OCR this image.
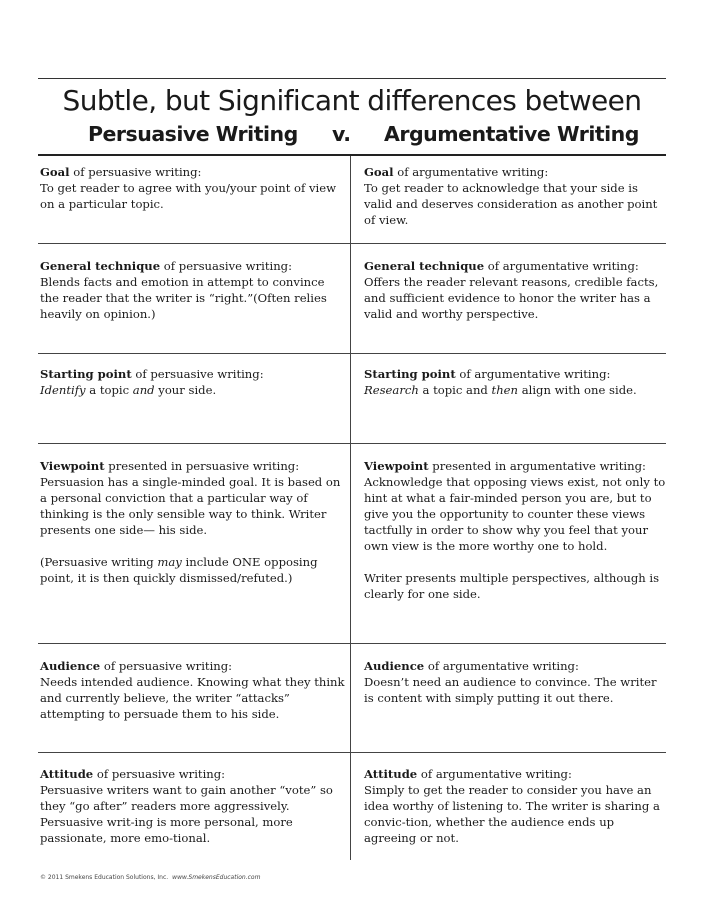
Subtle, but Significant differences between
Persuasive Writing v. Argumentative Writing

Goal of persuasive writing:

To get reader to agree with you/your point of view on a particular topic.

Goal of argumentative writing:

To get reader to acknowledge that your side is valid and deserves consideration as another point of view.

General technique of persuasive writing:

Blends facts and emotion in attempt to convince the reader that the writer is “right.”(Often relies heavily on opinion.)

General technique of argumentative writing:

Offers the reader relevant reasons, credible facts, and sufficient evidence to honor the writer has a valid and worthy perspective.

Starting point of persuasive writing:

Identify a topic and your side.

Starting point of argumentative writing:

Research a topic and then align with one side.

Viewpoint presented in persuasive writing:

Persuasion has a single-minded goal. It is based on a personal conviction that a particular way of thinking is the only sensible way to think. Writer presents one side— his side.

(Persuasive writing may include ONE opposing point, it is then quickly dismissed/refuted.)

Viewpoint presented in argumentative writing:

Acknowledge that opposing views exist, not only to hint at what a fair-minded person you are, but to give you the opportunity to counter these views tactfully in order to show why you feel that your own view is the more worthy one to hold.

Writer presents multiple perspectives, although is clearly for one side.

Audience of persuasive writing:

Needs intended audience. Knowing what they think and currently believe, the writer “attacks” attempting to persuade them to his side.

Audience of argumentative writing:

Doesn’t need an audience to convince. The writer is content with simply putting it out there.

Attitude of persuasive writing:

Persuasive writers want to gain another “vote” so they “go after” readers more aggressively. Persuasive writ-ing is more personal, more passionate, more emo-tional.

Attitude of argumentative writing:

Simply to get the reader to consider you have an idea worthy of listening to. The writer is sharing a convic-tion, whether the audience ends up agreeing or not.

© 2011 Smekens Education Solutions, Inc. www.SmekensEducation.com
